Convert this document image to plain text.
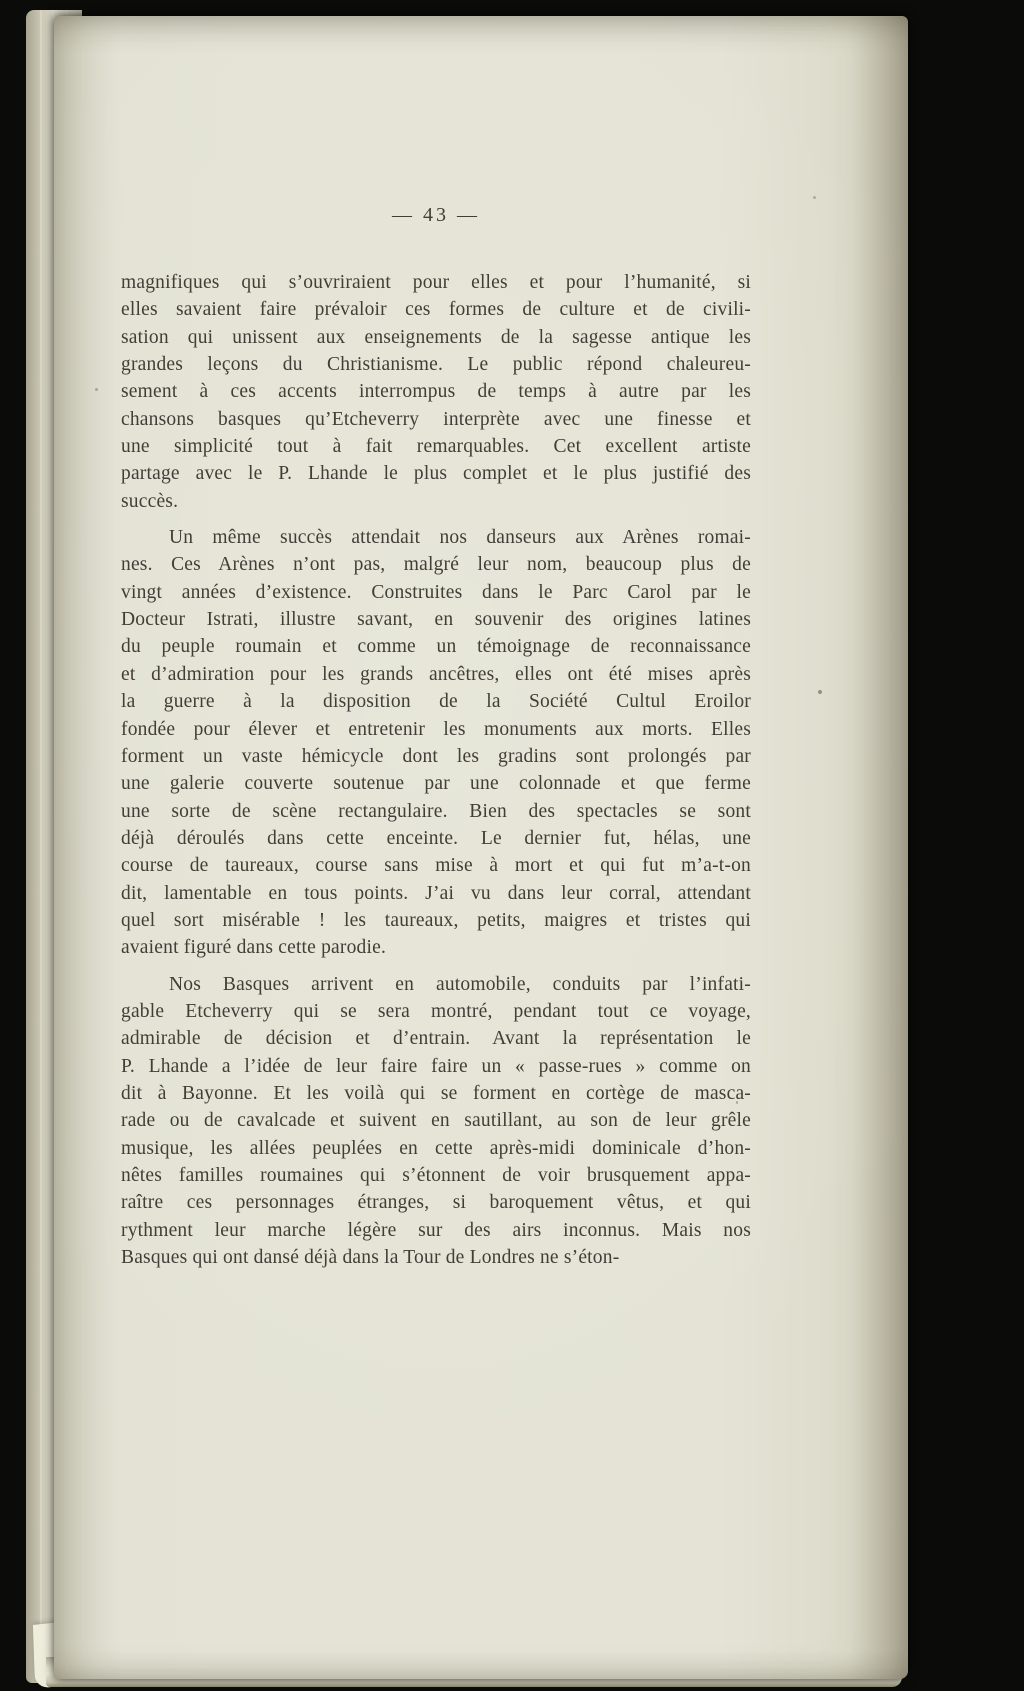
— 43 —
magnifiques qui s’ouvriraient pour elles et pour l’humanité, si
elles savaient faire prévaloir ces formes de culture et de civili-
sation qui unissent aux enseignements de la sagesse antique les
grandes leçons du Christianisme. Le public répond chaleureu-
sement à ces accents interrompus de temps à autre par les
chansons basques qu’Etcheverry interprète avec une finesse et
une simplicité tout à fait remarquables. Cet excellent artiste
partage avec le P. Lhande le plus complet et le plus justifié des
succès.
Un même succès attendait nos danseurs aux Arènes romai-
nes. Ces Arènes n’ont pas, malgré leur nom, beaucoup plus de
vingt années d’existence. Construites dans le Parc Carol par le
Docteur Istrati, illustre savant, en souvenir des origines latines
du peuple roumain et comme un témoignage de reconnaissance
et d’admiration pour les grands ancêtres, elles ont été mises après
la guerre à la disposition de la Société Cultul Eroilor
fondée pour élever et entretenir les monuments aux morts. Elles
forment un vaste hémicycle dont les gradins sont prolongés par
une galerie couverte soutenue par une colonnade et que ferme
une sorte de scène rectangulaire. Bien des spectacles se sont
déjà déroulés dans cette enceinte. Le dernier fut, hélas, une
course de taureaux, course sans mise à mort et qui fut m’a-t-on
dit, lamentable en tous points. J’ai vu dans leur corral, attendant
quel sort misérable ! les taureaux, petits, maigres et tristes qui
avaient figuré dans cette parodie.
Nos Basques arrivent en automobile, conduits par l’infati-
gable Etcheverry qui se sera montré, pendant tout ce voyage,
admirable de décision et d’entrain. Avant la représentation le
P. Lhande a l’idée de leur faire faire un « passe-rues » comme on
dit à Bayonne. Et les voilà qui se forment en cortège de masca-
rade ou de cavalcade et suivent en sautillant, au son de leur grêle
musique, les allées peuplées en cette après-midi dominicale d’hon-
nêtes familles roumaines qui s’étonnent de voir brusquement appa-
raître ces personnages étranges, si baroquement vêtus, et qui
rythment leur marche légère sur des airs inconnus. Mais nos
Basques qui ont dansé déjà dans la Tour de Londres ne s’éton-
